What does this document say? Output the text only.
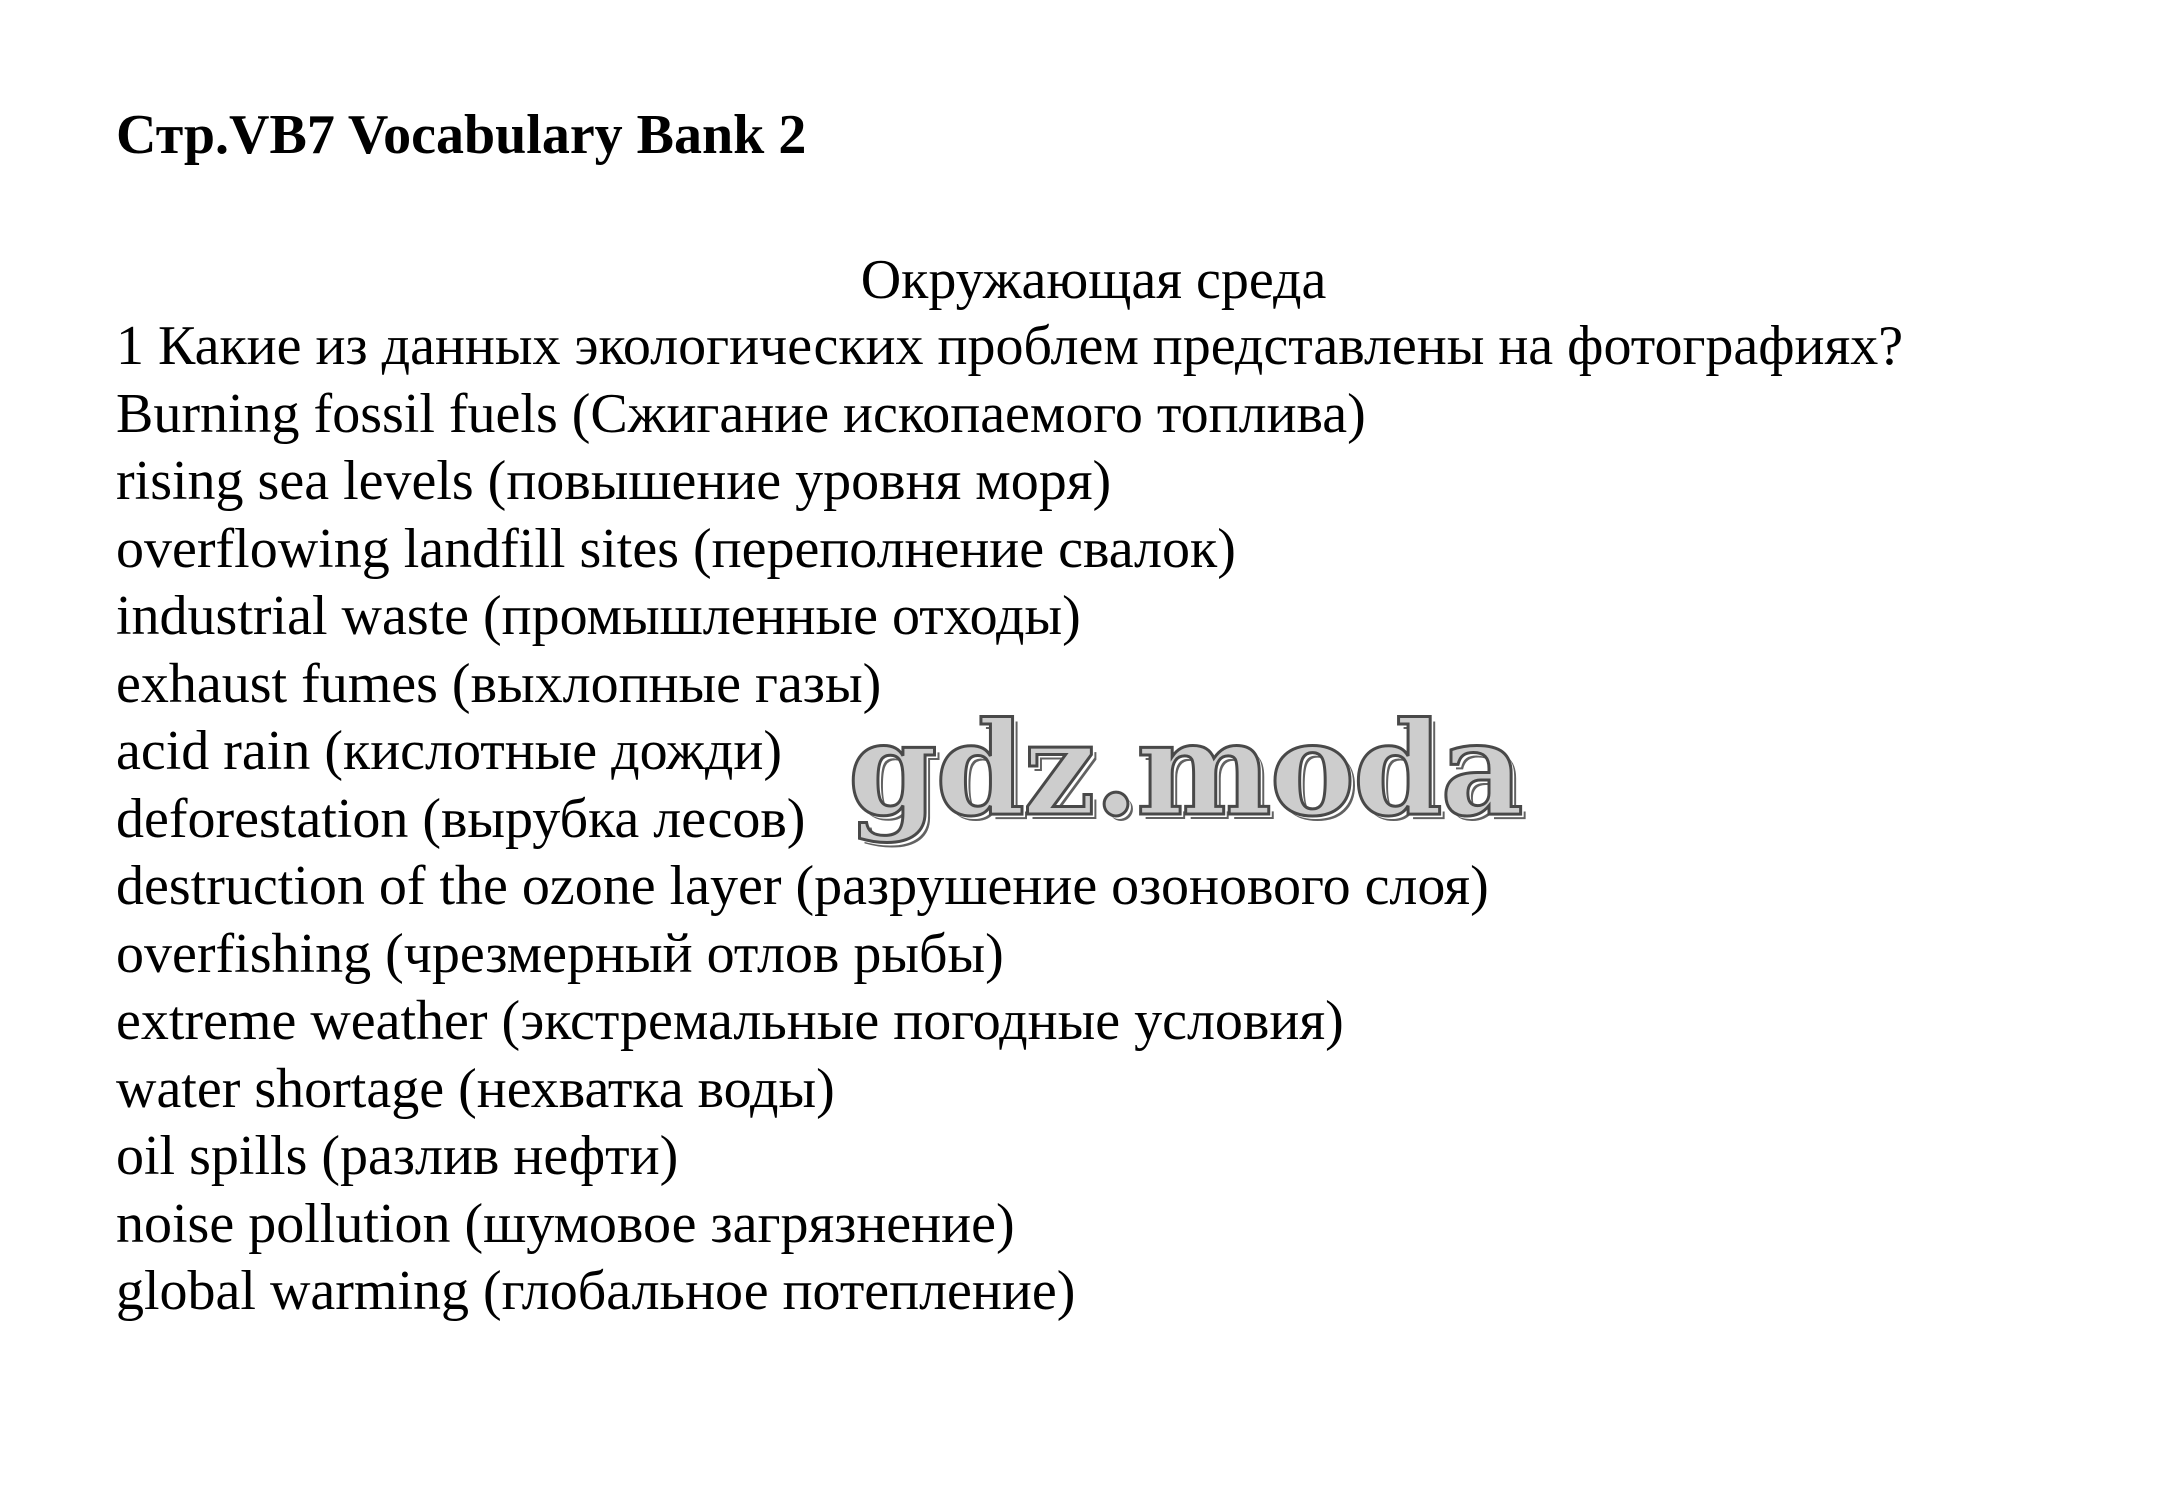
Стр.VB7 Vocabulary Bank 2
Окружающая среда
1 Какие из данных экологических проблем представлены на фотографиях?
Burning fossil fuels (Сжигание ископаемого топлива)
rising sea levels (повышение уровня моря)
overflowing landfill sites (переполнение свалок)
industrial waste (промышленные отходы)
exhaust fumes (выхлопные газы)
acid rain (кислотные дожди)
deforestation (вырубка лесов)
destruction of the ozone layer (разрушение озонового слоя)
overfishing (чрезмерный отлов рыбы)
extreme weather (экстремальные погодные условия)
water shortage (нехватка воды)
oil spills (разлив нефти)
noise pollution (шумовое загрязнение)
global warming (глобальное потепление)
gdz.moda
